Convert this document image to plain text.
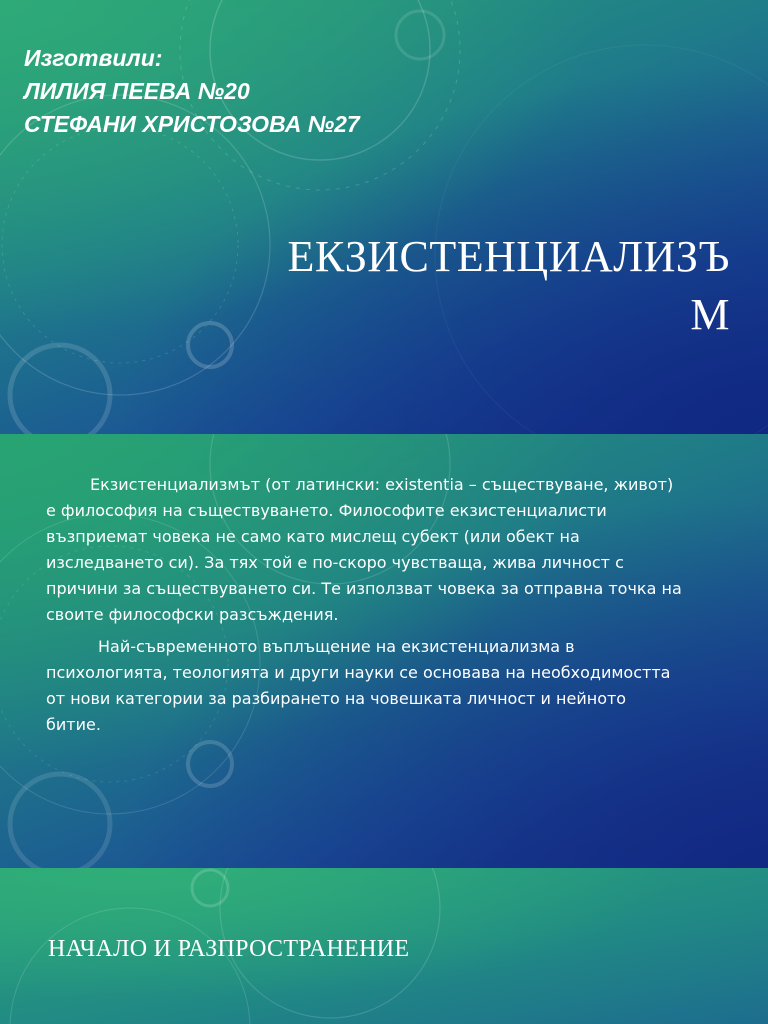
Изготвили:
ЛИЛИЯ ПЕЕВА №20
СТЕФАНИ ХРИСТОЗОВА №27
ЕКЗИСТЕНЦИАЛИЗЪ
М

Екзистенциализмът (от латински: existentia – съществуване, живот) е философия на съществуването. Философите екзистенциалисти възприемат човека не само като мислещ субект (или обект на изследването си). За тях той е по-скоро чувстваща, жива личност с причини за съществуването си. Те използват човека за отправна точка на своите философски разсъждения.

Най-съвременното въплъщение на екзистенциализма в психологията, теологията и други науки се основава на необходимостта от нови категории за разбирането на човешката личност и нейното битие.

НАЧАЛО И РАЗПРОСТРАНЕНИЕ
